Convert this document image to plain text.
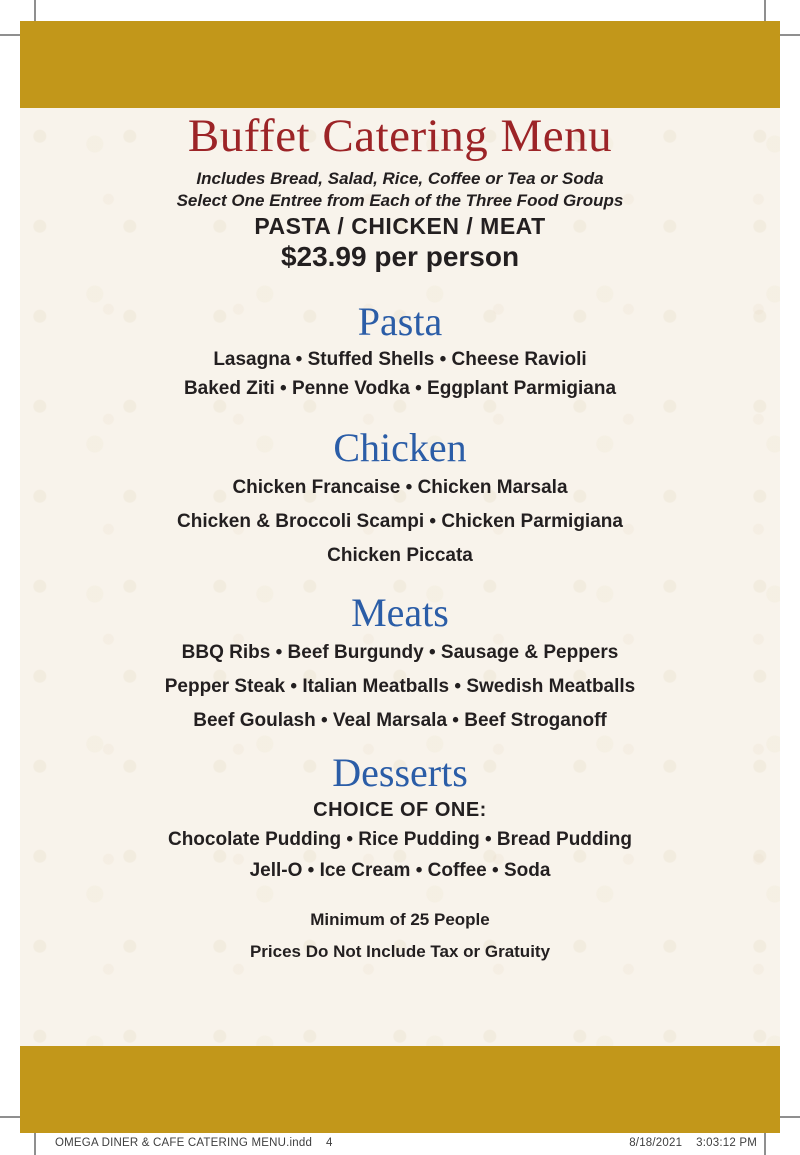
Buffet Catering Menu

Includes Bread, Salad, Rice, Coffee or Tea or Soda

Select One Entree from Each of the Three Food Groups

PASTA / CHICKEN / MEAT

$23.99 per person

Pasta

Lasagna • Stuffed Shells • Cheese Ravioli

Baked Ziti • Penne Vodka • Eggplant Parmigiana

Chicken

Chicken Francaise • Chicken Marsala

Chicken & Broccoli Scampi • Chicken Parmigiana

Chicken Piccata

Meats

BBQ Ribs • Beef Burgundy • Sausage & Peppers

Pepper Steak • Italian Meatballs • Swedish Meatballs

Beef Goulash • Veal Marsala • Beef Stroganoff

Desserts

CHOICE OF ONE:

Chocolate Pudding • Rice Pudding • Bread Pudding

Jell-O • Ice Cream • Coffee • Soda

Minimum of 25 People

Prices Do Not Include Tax or Gratuity

OMEGA DINER & CAFE CATERING MENU.indd 4	8/18/2021 3:03:12 PM
